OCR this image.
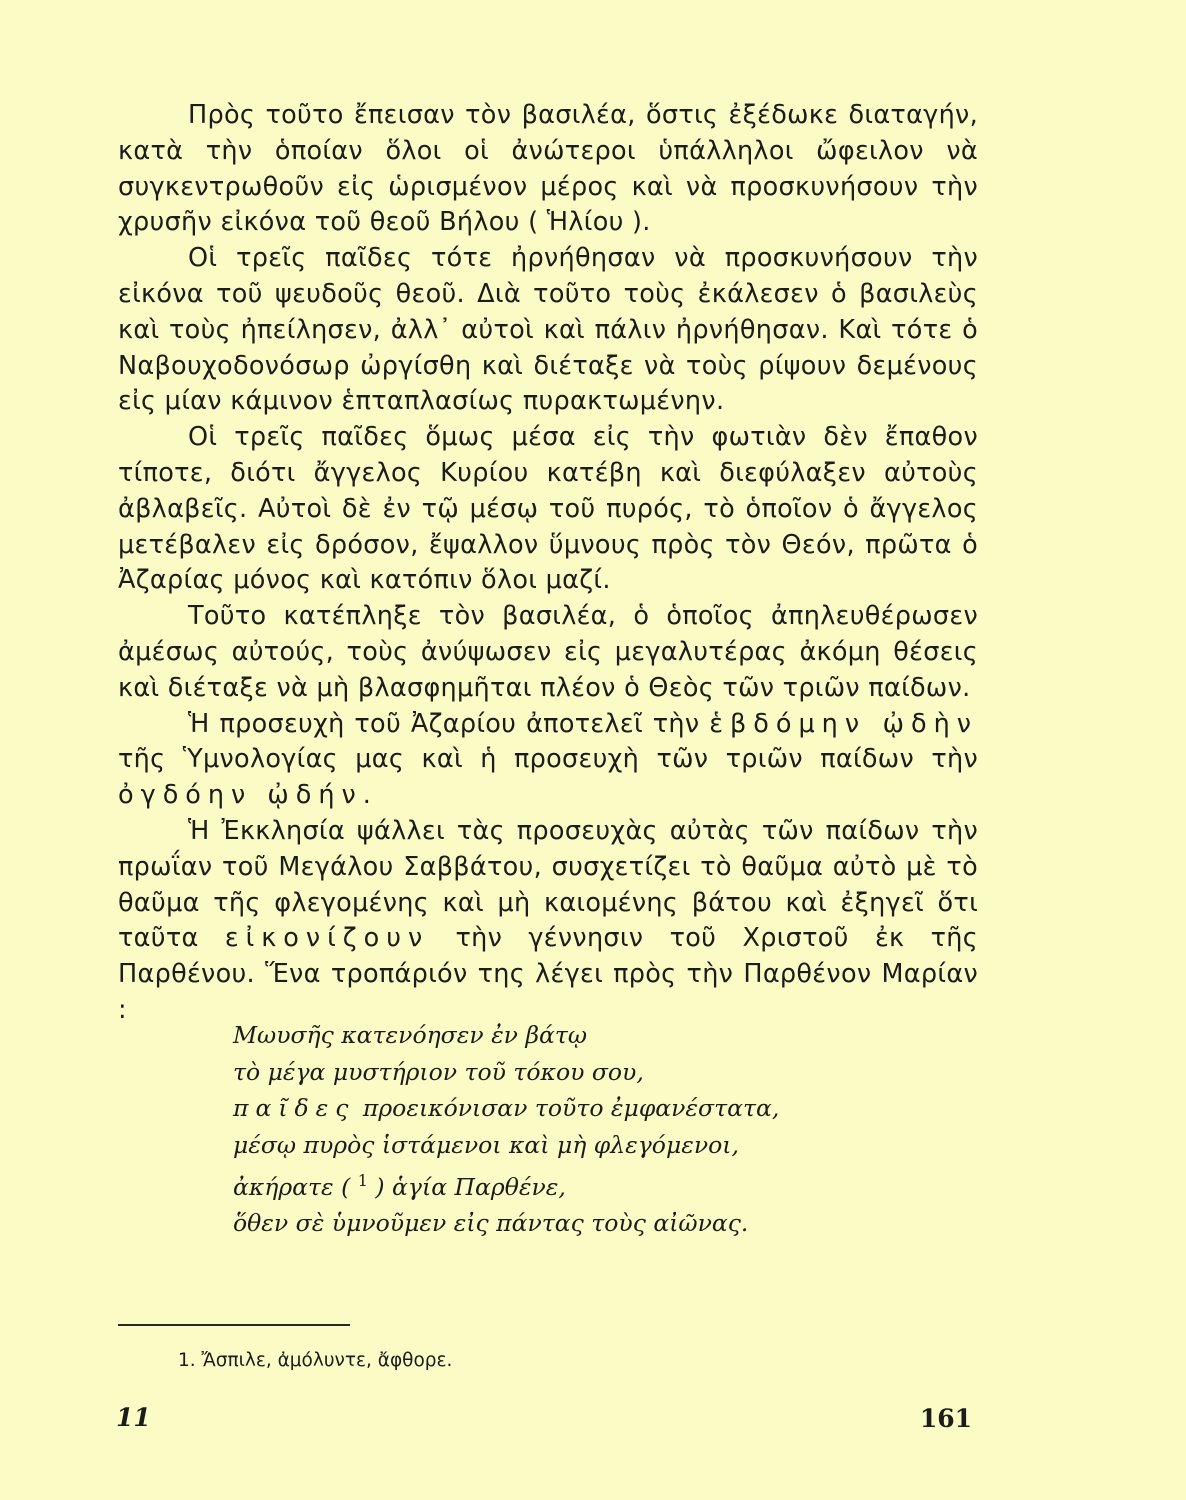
Πρὸς τοῦτο ἔπεισαν τὸν βασιλέα, ὅστις ἐξέδωκε διαταγήν, κατὰ τὴν ὁποίαν ὅλοι οἱ ἀνώτεροι ὑπάλληλοι ὤφειλον νὰ συγκεντρωθοῦν εἰς ὡρισμένον μέρος καὶ νὰ προσκυνήσουν τὴν χρυσῆν εἰκόνα τοῦ θεοῦ Βήλου ( Ἡλίου ).

Οἱ τρεῖς παῖδες τότε ἠρνήθησαν νὰ προσκυνήσουν τὴν εἰκόνα τοῦ ψευδοῦς θεοῦ. Διὰ τοῦτο τοὺς ἐκάλεσεν ὁ βασιλεὺς καὶ τοὺς ἠπείλησεν, ἀλλ᾽ αὐτοὶ καὶ πάλιν ἠρνήθησαν. Καὶ τότε ὁ Ναβουχοδονόσωρ ὠργίσθη καὶ διέταξε νὰ τοὺς ρίψουν δεμένους εἰς μίαν κάμινον ἑπταπλασίως πυρακτωμένην.

Οἱ τρεῖς παῖδες ὅμως μέσα εἰς τὴν φωτιὰν δὲν ἔπαθον τίποτε, διότι ἄγγελος Κυρίου κατέβη καὶ διεφύλαξεν αὐτοὺς ἀβλαβεῖς. Αὐτοὶ δὲ ἐν τῷ μέσῳ τοῦ πυρός, τὸ ὁποῖον ὁ ἄγγελος μετέβαλεν εἰς δρόσον, ἔψαλλον ὕμνους πρὸς τὸν Θεόν, πρῶτα ὁ Ἀζαρίας μόνος καὶ κατόπιν ὅλοι μαζί.

Τοῦτο κατέπληξε τὸν βασιλέα, ὁ ὁποῖος ἀπηλευθέρωσεν ἀμέσως αὐτούς, τοὺς ἀνύψωσεν εἰς μεγαλυτέρας ἀκόμη θέσεις καὶ διέταξε νὰ μὴ βλασφημῆται πλέον ὁ Θεὸς τῶν τριῶν παίδων.

Ἡ προσευχὴ τοῦ Ἀζαρίου ἀποτελεῖ τὴν ἑβδόμην ᾠδὴν τῆς Ὑμνολογίας μας καὶ ἡ προσευχὴ τῶν τριῶν παίδων τὴν ὀγδόην ᾠδήν.

Ἡ Ἐκκλησία ψάλλει τὰς προσευχὰς αὐτὰς τῶν παίδων τὴν πρωΐαν τοῦ Μεγάλου Σαββάτου, συσχετίζει τὸ θαῦμα αὐτὸ μὲ τὸ θαῦμα τῆς φλεγομένης καὶ μὴ καιομένης βάτου καὶ ἐξηγεῖ ὅτι ταῦτα εἰκονίζουν τὴν γέννησιν τοῦ Χριστοῦ ἐκ τῆς Παρθένου. Ἕνα τροπάριόν της λέγει πρὸς τὴν Παρθένον Μαρίαν :

Μωυσῆς κατενόησεν ἐν βάτῳ
τὸ μέγα μυστήριον τοῦ τόκου σου,
παῖδες προεικόνισαν τοῦτο ἐμφανέστατα,
μέσῳ πυρὸς ἱστάμενοι καὶ μὴ φλεγόμενοι,
ἀκήρατε ( $^1$ ) ἁγία Παρθένε,
ὅθεν σὲ ὑμνοῦμεν εἰς πάντας τοὺς αἰῶνας.
1. Ἄσπιλε, ἀμόλυντε, ἄφθορε.
11	161
